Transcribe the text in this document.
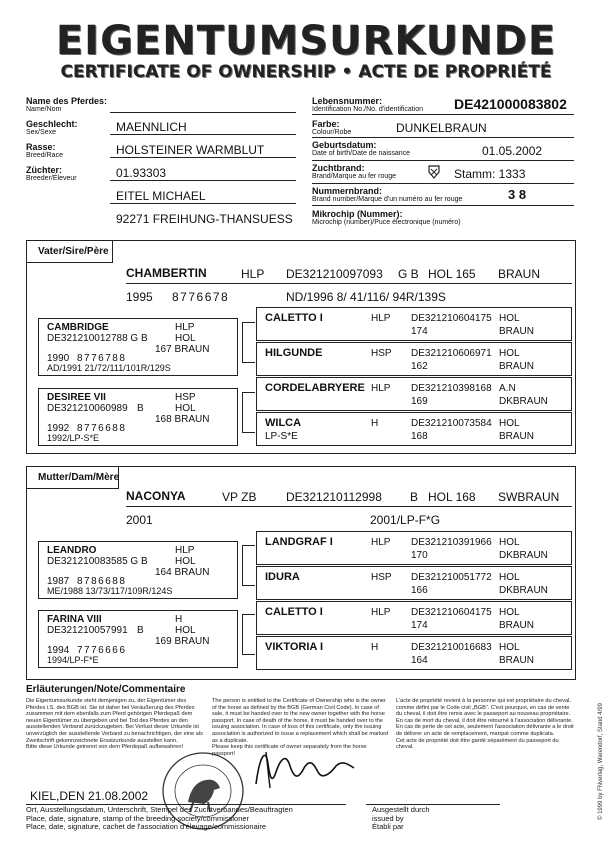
EIGENTUMSURKUNDE
CERTIFICATE OF OWNERSHIP • ACTE DE PROPRIÉTÉ
Name des Pferdes:
Name/Nom
Geschlecht:
Sex/Sexe	MAENNLICH
Rasse:
Breed/Race	HOLSTEINER WARMBLUT
Züchter:
Breeder/Éleveur	01.93303
EITEL MICHAEL
92271 FREIHUNG-THANSUESS
Lebensnummer:
Identification No./No. d'identification DE421000083802
Farbe:
Colour/Robe	DUNKELBRAUN
Geburtsdatum:
Date of birth/Date de naissance	01.05.2002
Zuchtbrand:
Brand/Marque au fer rouge	Stamm: 1333
Nummernbrand:
Brand number/Marque d'un numéro au fer rouge	3 8
Mikrochip (Nummer):
Microchip (number)/Puce électronique (numéro)
Vater/Sire/Père
CHAMBERTIN	HLP DE321210097093 G B HOL 165 BRAUN
1995 8776678	ND/1996 8/ 41/116/ 94R/139S
CAMBRIDGE	HLP
DE321210012788 G B	HOL
167 BRAUN
1990 8776788
AD/1991 21/72/111/101R/129S
DESIREE VII	HSP
DE321210060989 B	HOL
168 BRAUN
1992 8776688
1992/LP-S*E
CALETTO I	HLP DE321210604175 HOL
174	BRAUN
HILGUNDE	HSP DE321210606971 HOL
162	BRAUN
CORDELABRYERE HLP DE321210398168 A.N
169	DKBRAUN
WILCA	H	DE321210073584 HOL
LP-S*E	168	BRAUN
Mutter/Dam/Mère
NACONYA	VP ZB DE321210112998 B HOL 168 SWBRAUN
2001	2001/LP-F*G
LEANDRO	HLP
DE321210083585 G B	HOL
164 BRAUN
1987 8786688
ME/1988 13/73/117/109R/124S
FARINA VIII	H
DE321210057991 B	HOL
169 BRAUN
1994 7776666
1994/LP-F*E
LANDGRAF I	HLP DE321210391966 HOL
170	DKBRAUN
IDURA	HSP DE321210051772 HOL
166	DKBRAUN
CALETTO I	HLP DE321210604175 HOL
174	BRAUN
VIKTORIA I	H	DE321210016683 HOL
164	BRAUN
Erläuterungen/Note/Commentaire
Die Eigentumsurkunde steht demjenigen zu, der Eigentümer des Pferdes i.S. des BGB ist. Sie ist daher bei Veräußerung des Pferdes zusammen mit dem ebenfalls zum Pferd gehörigen Pferdepaß dem neuen Eigentümer zu übergeben und bei Tod des Pferdes an den ausstellenden Verband zurückzugeben. Bei Verlust dieser Urkunde ist unverzüglich der ausstellende Verband zu benachrichtigen, der eine als Zweitschrift gekennzeichnete Ersatzurkunde ausstellen kann.
Bitte diese Urkunde getrennt von dem Pferdepaß aufbewahren!
The person is entitled to the Certificate of Ownership who is the owner of the horse as defined by the BGB (German Civil Code). In case of sale, it must be handed over to the new owner together with the horse passport. In case of death of the horse, it must be handed over to the issuing association. In case of loss of this certificate, only the issuing association is authorized to issue a replacement which shall be marked as a duplicate.
Please keep this certificate of owner separately from the horse passport!
L'acte de propriété revient à la personne qui est propriétaire du cheval, comme défini par le Code civil „BGB“. C'est pourquoi, en cas de vente du cheval, il doit être remis avec le passeport au nouveau propriétaire. En cas de mort du cheval, il doit être retourné à l'association délivrante. En cas de perte de cet acte, seulement l'association délivrante a le droit de délivrer un acte de remplacement, marqué comme duplicata.
Cet acte de propriété doit être gardé séparément du passeport du cheval.
KIEL,DEN 21.08.2002
Ort, Ausstellungsdatum, Unterschrift, Stempel des Zuchtverbandes/Beauftragten
Place, date, signature, stamp of the breeding society/commissioner
Place, date, signature, cachet de l'association d'élevage/commissionaire
Ausgestellt durch
issued by
Établi par
© 1999 by FNverlag, Warendorf, Stand 4/99
